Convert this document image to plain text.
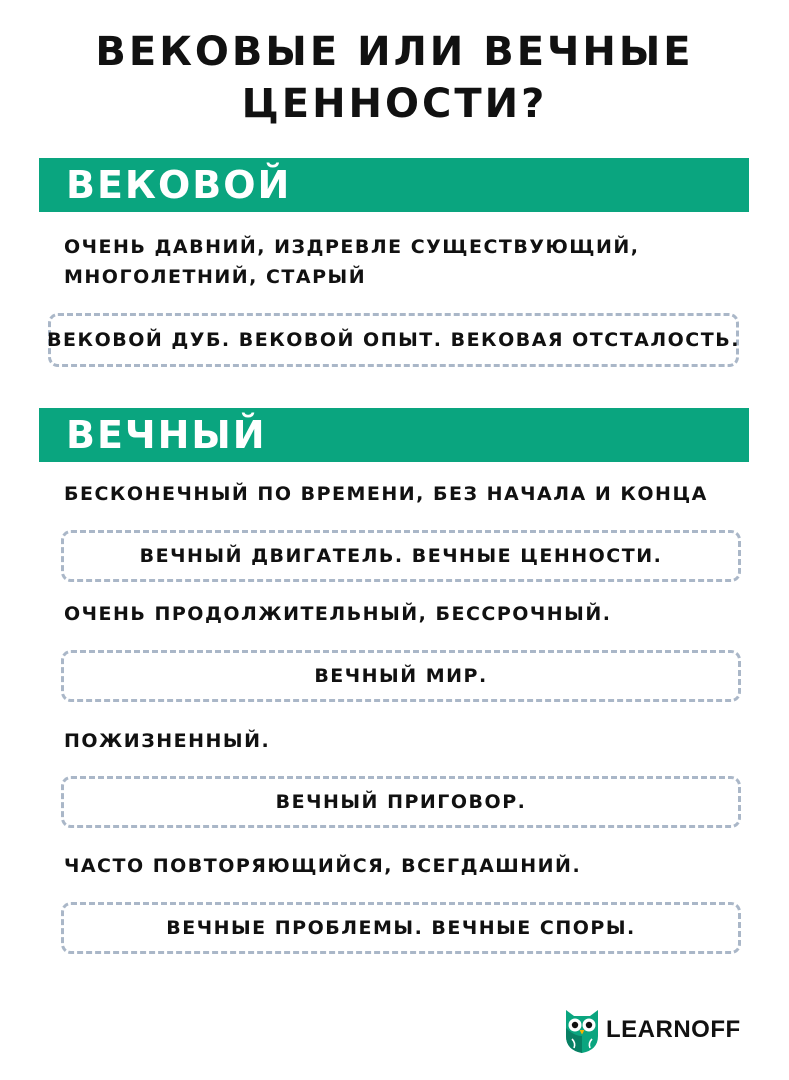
ВЕКОВЫЕ ИЛИ ВЕЧНЫЕ
ЦЕННОСТИ?
ВЕКОВОЙ
ОЧЕНЬ ДАВНИЙ, ИЗДРЕВЛЕ СУЩЕСТВУЮЩИЙ,
МНОГОЛЕТНИЙ, СТАРЫЙ
ВЕКОВОЙ ДУБ. ВЕКОВОЙ ОПЫТ. ВЕКОВАЯ ОТСТАЛОСТЬ.
ВЕЧНЫЙ
БЕСКОНЕЧНЫЙ ПО ВРЕМЕНИ, БЕЗ НАЧАЛА И КОНЦА
ВЕЧНЫЙ ДВИГАТЕЛЬ. ВЕЧНЫЕ ЦЕННОСТИ.
ОЧЕНЬ ПРОДОЛЖИТЕЛЬНЫЙ, БЕССРОЧНЫЙ.
ВЕЧНЫЙ МИР.
ПОЖИЗНЕННЫЙ.
ВЕЧНЫЙ ПРИГОВОР.
ЧАСТО ПОВТОРЯЮЩИЙСЯ, ВСЕГДАШНИЙ.
ВЕЧНЫЕ ПРОБЛЕМЫ. ВЕЧНЫЕ СПОРЫ.
LEARNOFF
